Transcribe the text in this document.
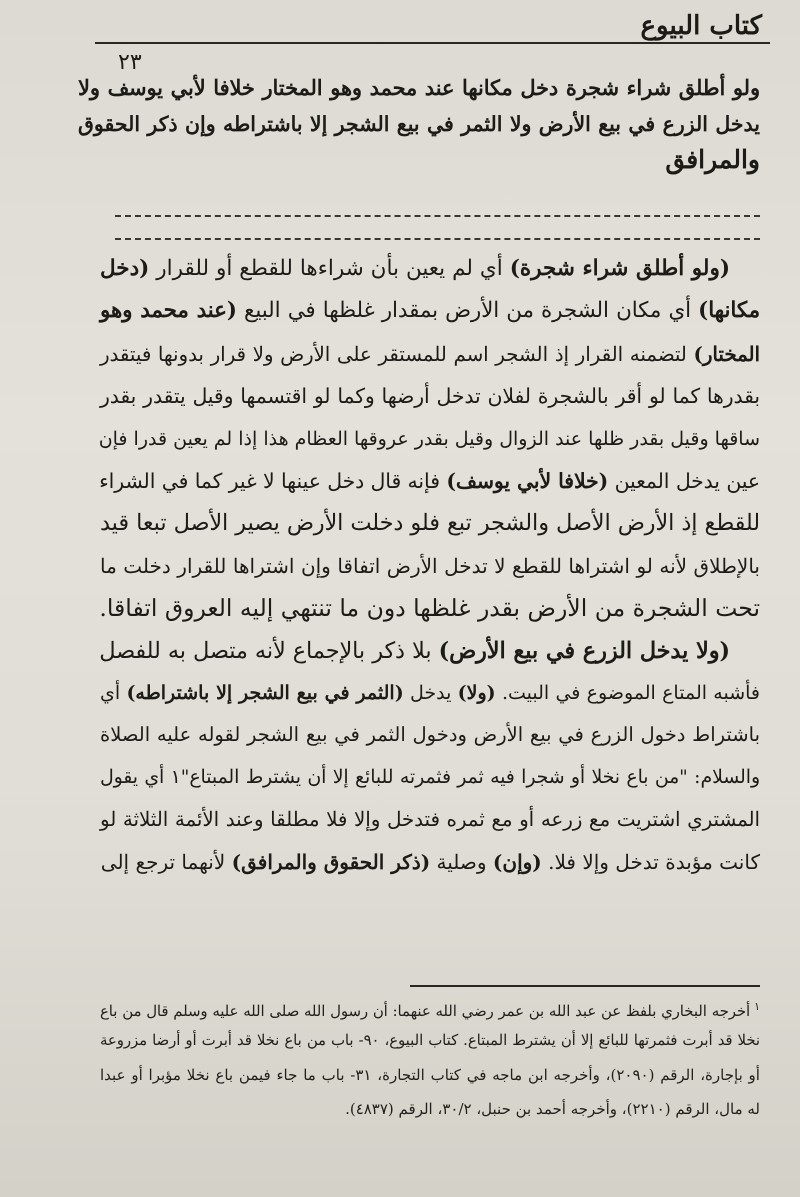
كتاب البيوع
٢٣
ولو أطلق شراء شجرة دخل مكانها عند محمد وهو المختار خلافا لأبي يوسف ولا
يدخل الزرع في بيع الأرض ولا الثمر في بيع الشجر إلا باشتراطه وإن ذكر الحقوق
والمرافق
(ولو أطلق شراء شجرة) أي لم يعين بأن شراءها للقطع أو للقرار (دخل
مكانها) أي مكان الشجرة من الأرض بمقدار غلظها في البيع (عند محمد وهو
المختار) لتضمنه القرار إذ الشجر اسم للمستقر على الأرض ولا قرار بدونها فيتقدر
بقدرها كما لو أقر بالشجرة لفلان تدخل أرضها وكما لو اقتسمها وقيل يتقدر بقدر
ساقها وقيل بقدر ظلها عند الزوال وقيل بقدر عروقها العظام هذا إذا لم يعين قدرا فإن
عين يدخل المعين (خلافا لأبي يوسف) فإنه قال دخل عينها لا غير كما في الشراء
للقطع إذ الأرض الأصل والشجر تبع فلو دخلت الأرض يصير الأصل تبعا قيد
بالإطلاق لأنه لو اشتراها للقطع لا تدخل الأرض اتفاقا وإن اشتراها للقرار دخلت ما
تحت الشجرة من الأرض بقدر غلظها دون ما تنتهي إليه العروق اتفاقا.
(ولا يدخل الزرع في بيع الأرض) بلا ذكر بالإجماع لأنه متصل به للفصل
فأشبه المتاع الموضوع في البيت. (ولا) يدخل (الثمر في بيع الشجر إلا باشتراطه) أي
باشتراط دخول الزرع في بيع الأرض ودخول الثمر في بيع الشجر لقوله عليه الصلاة
والسلام: "من باع نخلا أو شجرا فيه ثمر فثمرته للبائع إلا أن يشترط المبتاع"١ أي يقول
المشتري اشتريت مع زرعه أو مع ثمره فتدخل وإلا فلا مطلقا وعند الأئمة الثلاثة لو
كانت مؤبدة تدخل وإلا فلا. (وإن) وصلية (ذكر الحقوق والمرافق) لأنهما ترجع إلى
$^١$أخرجه البخاري بلفظ عن عبد الله بن عمر رضي الله عنهما: أن رسول الله صلى الله عليه وسلم قال من باع
نخلا قد أبرت فثمرتها للبائع إلا أن يشترط المبتاع. كتاب البيوع، ٩٠- باب من باع نخلا قد أبرت أو أرضا مزروعة
أو بإجارة، الرقم (٢٠٩٠)، وأخرجه ابن ماجه في كتاب التجارة، ٣١- باب ما جاء فيمن باع نخلا مؤبرا أو عبدا
له مال، الرقم (٢٢١٠)، وأخرجه أحمد بن حنبل، ٣٠/٢، الرقم (٤٨٣٧).
